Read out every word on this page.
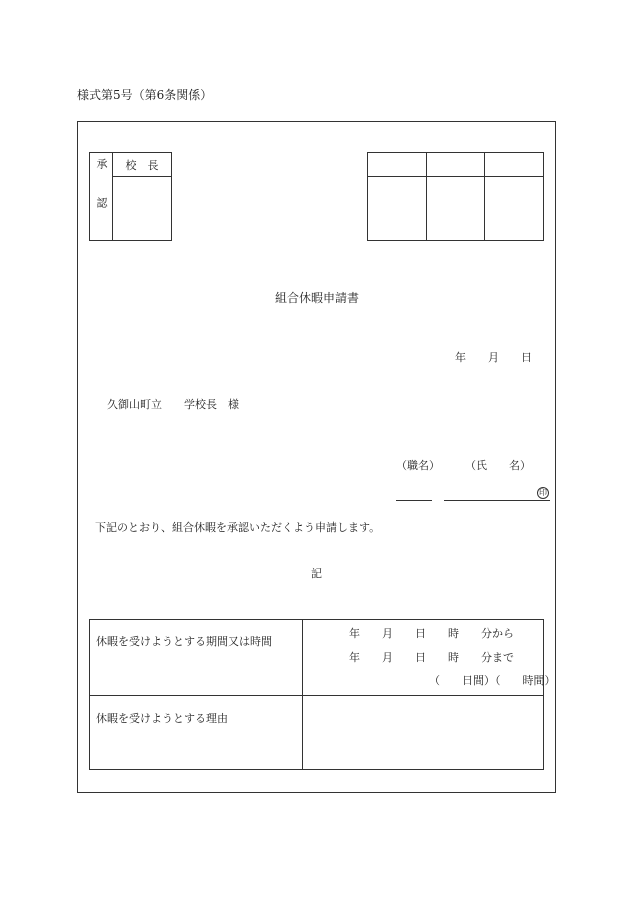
様式第5号（第6条関係）
承認	校　長

組合休暇申請書
年　　月　　日
久御山町立　　学校長　様
（職名） （氏　　名）
印
下記のとおり、組合休暇を承認いただくよう申請します。
記
休暇を受けようとする期間又は時間	年　　月　　日　　時　　分から
年　　月　　日　　時　　分まで
（　　日間）（　　時間）

休暇を受けようとする理由	
